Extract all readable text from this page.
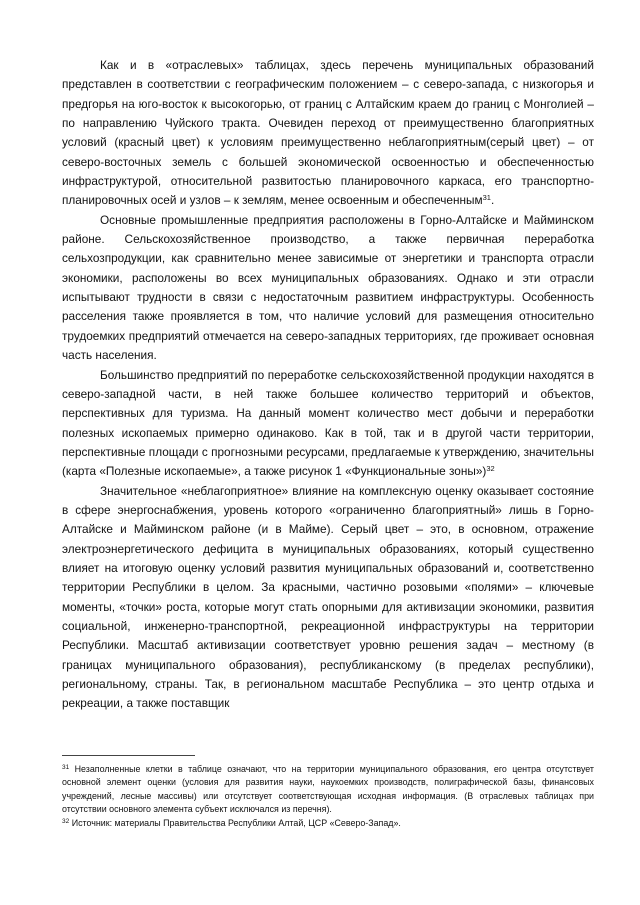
Как и в «отраслевых» таблицах, здесь перечень муниципальных образований представлен в соответствии с географическим положением – с северо-запада, с низкогорья и предгорья на юго-восток к высокогорью, от границ с Алтайским краем до границ с Монголией – по направлению Чуйского тракта. Очевиден переход от преимущественно благоприятных условий (красный цвет) к условиям преимущественно неблагоприятным(серый цвет) – от северо-восточных земель с большей экономической освоенностью и обеспеченностью инфраструктурой, относительной развитостью планировочного каркаса, его транспортно-планировочных осей и узлов – к землям, менее освоенным и обеспеченным$^{31}$.

Основные промышленные предприятия расположены в Горно-Алтайске и Майминском районе. Сельскохозяйственное производство, а также первичная переработка сельхозпродукции, как сравнительно менее зависимые от энергетики и транспорта отрасли экономики, расположены во всех муниципальных образованиях. Однако и эти отрасли испытывают трудности в связи с недостаточным развитием инфраструктуры. Особенность расселения также проявляется в том, что наличие условий для размещения относительно трудоемких предприятий отмечается на северо-западных территориях, где проживает основная часть населения.

Большинство предприятий по переработке сельскохозяйственной продукции находятся в северо-западной части, в ней также большее количество территорий и объектов, перспективных для туризма. На данный момент количество мест добычи и переработки полезных ископаемых примерно одинаково. Как в той, так и в другой части территории, перспективные площади с прогнозными ресурсами, предлагаемые к утверждению, значительны (карта «Полезные ископаемые», а также рисунок 1 «Функциональные зоны»)$^{32}$

Значительное «неблагоприятное» влияние на комплексную оценку оказывает состояние в сфере энергоснабжения, уровень которого «ограниченно благоприятный» лишь в Горно-Алтайске и Майминском районе (и в Майме). Серый цвет – это, в основном, отражение электроэнергетического дефицита в муниципальных образованиях, который существенно влияет на итоговую оценку условий развития муниципальных образований и, соответственно территории Республики в целом. За красными, частично розовыми «полями» – ключевые моменты, «точки» роста, которые могут стать опорными для активизации экономики, развития социальной, инженерно-транспортной, рекреационной инфраструктуры на территории Республики. Масштаб активизации соответствует уровню решения задач – местному (в границах муниципального образования), республиканскому (в пределах республики), региональному, страны. Так, в региональном масштабе Республика – это центр отдыха и рекреации, а также поставщик

$^{31}$ Незаполненные клетки в таблице означают, что на территории муниципального образования, его центра отсутствует основной элемент оценки (условия для развития науки, наукоемких производств, полиграфической базы, финансовых учреждений, лесные массивы) или отсутствует соответствующая исходная информация. (В отраслевых таблицах при отсутствии основного элемента субъект исключался из перечня).

$^{32}$ Источник: материалы Правительства Республики Алтай, ЦСР «Северо-Запад».
